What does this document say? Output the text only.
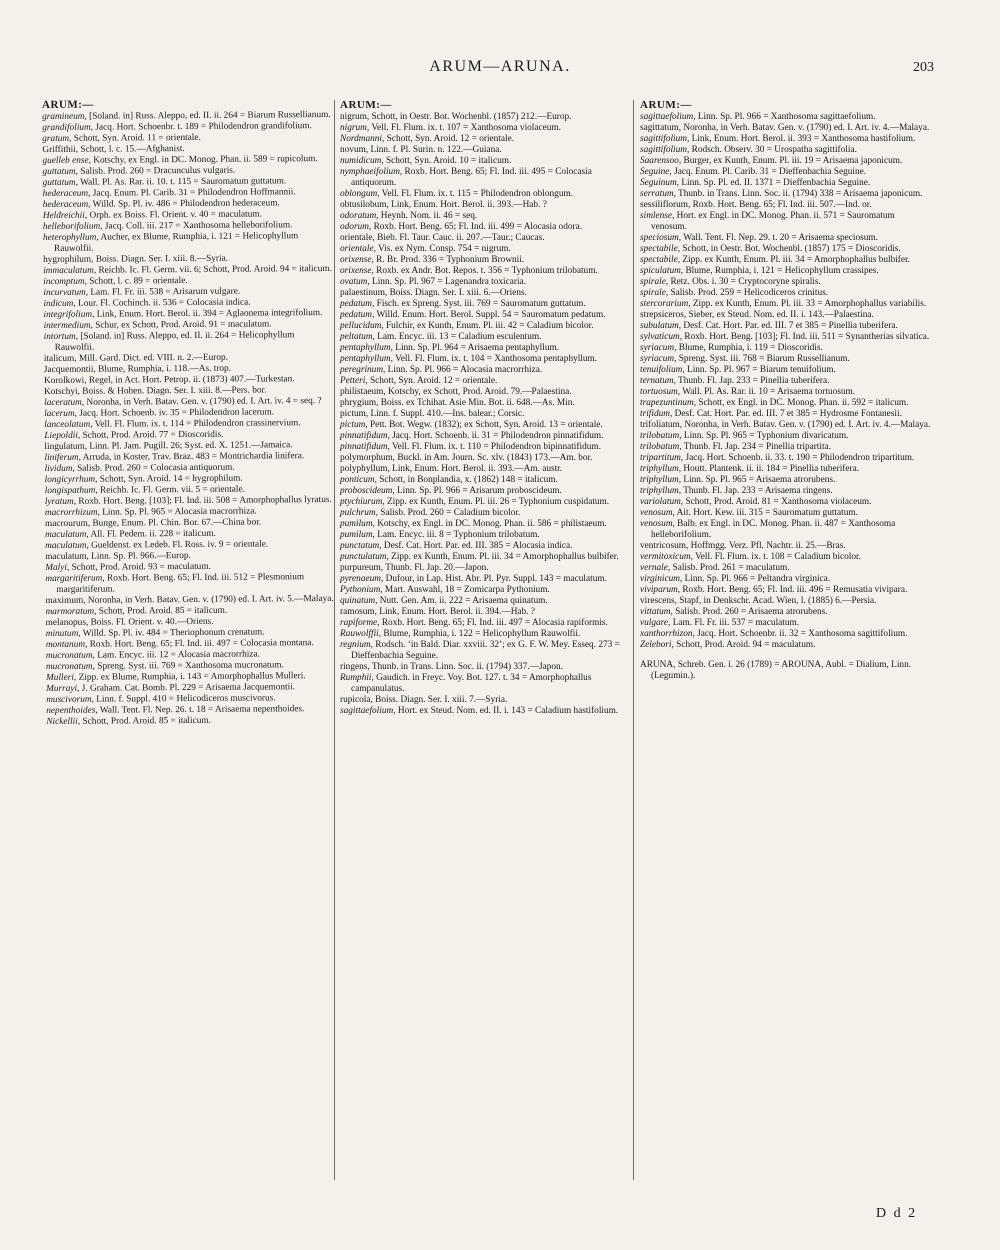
ARUM—ARUNA.	203
ARUM:—
gramineum, [Soland. in] Russ. Aleppo, ed. II. ii. 264 = Biarum Russellianum.
grandifolium, Jacq. Hort. Schoenbr. t. 189 = Philodendron grandifolium.
gratum, Schott, Syn. Aroid. 11 = orientale.
Griffithii, Schott, l. c. 15.—Afghanist.
guelleb ense, Kotschy, ex Engl. in DC. Monog. Phan. ii. 589 = rupicolum.
guttatum, Salisb. Prod. 260 = Dracunculus vulgaris.
guttatum, Wall. Pl. As. Rar. ii. 10. t. 115 = Sauromatum guttatum.
hederaceum, Jacq. Enum. Pl. Carib. 31 = Philodendron Hoffmannii.
hederaceum, Willd. Sp. Pl. iv. 486 = Philodendron hederaceum.
Heldreichii, Orph. ex Boiss. Fl. Orient. v. 40 = maculatum.
helleborifolium, Jacq. Coll. iii. 217 = Xanthosoma helleborifolium.
heterophyllum, Aucher, ex Blume, Rumphia, i. 121 = Helicophyllum Rauwolfii.
hygrophilum, Boiss. Diagn. Ser. I. xiii. 8.—Syria.
immaculatum, Reichb. Ic. Fl. Germ. vii. 6; Schott, Prod. Aroid. 94 = italicum.
incomptum, Schott, l. c. 89 = orientale.
incurvatum, Lam. Fl. Fr. iii. 538 = Arisarum vulgare.
indicum, Lour. Fl. Cochinch. ii. 536 = Colocasia indica.
integrifolium, Link, Enum. Hort. Berol. ii. 394 = Aglaonema integrifolium.
intermedium, Schur, ex Schott, Prod. Aroid. 91 = maculatum.
intortum, [Soland. in] Russ. Aleppo, ed. II. ii. 264 = Helicophyllum Rauwolfii.
italicum, Mill. Gard. Dict. ed. VIII. n. 2.—Europ.
Jacquemontii, Blume, Rumphia, i. 118.—As. trop.
Korolkowi, Regel, in Act. Hort. Petrop. ii. (1873) 407.—Turkestan.
Kotschyi, Boiss. & Hohen. Diagn. Ser. I. xiii. 8.—Pers. bor.
laceratum, Noronha, in Verh. Batav. Gen. v. (1790) ed. I. Art. iv. 4 = seq. ?
lacerum, Jacq. Hort. Schoenb. iv. 35 = Philodendron lacerum.
lanceolatum, Vell. Fl. Flum. ix. t. 114 = Philodendron crassinervium.
Liepoldii, Schott, Prod. Aroid. 77 = Dioscoridis.
lingulatum, Linn. Pl. Jam. Pugill. 26; Syst. ed. X. 1251.—Jamaica.
liniferum, Arruda, in Koster, Trav. Braz. 483 = Montrichardia linifera.
lividum, Salisb. Prod. 260 = Colocasia antiquorum.
longicyrrhum, Schott, Syn. Aroid. 14 = hygrophilum.
longispathum, Reichb. Ic. Fl. Germ. vii. 5 = orientale.
lyratum, Roxb. Hort. Beng. [103]; Fl. Ind. iii. 508 = Amorphophallus lyratus.
macrorrhizum, Linn. Sp. Pl. 965 = Alocasia macrorrhiza.
macrourum, Bunge, Enum. Pl. Chin. Bor. 67.—China bor.
maculatum, All. Fl. Pedem. ii. 228 = italicum.
maculatum, Gueldenst. ex Ledeb. Fl. Ross. iv. 9 = orientale.
maculatum, Linn. Sp. Pl. 966.—Europ.
Malyi, Schott, Prod. Aroid. 93 = maculatum.
margaritiferum, Roxb. Hort. Beng. 65; Fl. Ind. iii. 512 = Plesmonium margaritiferum.
maximum, Noronha, in Verh. Batav. Gen. v. (1790) ed. I. Art. iv. 5.—Malaya.
marmoratum, Schott, Prod. Aroid. 85 = italicum.
melanopus, Boiss. Fl. Orient. v. 40.—Oriens.
minutum, Willd. Sp. Pl. iv. 484 = Theriophonum crenatum.
montanum, Roxb. Hort. Beng. 65; Fl. Ind. iii. 497 = Colocasia montana.
mucronatum, Lam. Encyc. iii. 12 = Alocasia macrorrhiza.
mucronatum, Spreng. Syst. iii. 769 = Xanthosoma mucronatum.
Mulleri, Zipp. ex Blume, Rumphia, i. 143 = Amorphophallus Mulleri.
Murrayi, J. Graham. Cat. Bomb. Pl. 229 = Arisaema Jacquemontii.
muscivorum, Linn. f. Suppl. 410 = Helicodiceros muscivorus.
nepenthoides, Wall. Tent. Fl. Nep. 26. t. 18 = Arisaema nepenthoides.
Nickellii, Schott, Prod. Aroid. 85 = italicum.
ARUM:—
nigrum, Schott, in Oestr. Bot. Wochenbl. (1857) 212.—Europ.
nigrum, Vell. Fl. Flum. ix. t. 107 = Xanthosoma violaceum.
Nordmanni, Schott, Syn. Aroid. 12 = orientale.
novum, Linn. f. Pl. Surin. n. 122.—Guiana.
numidicum, Schott, Syn. Aroid. 10 = italicum.
nymphaeifolium, Roxb. Hort. Beng. 65; Fl. Ind. iii. 495 = Colocasia antiquorum.
oblongum, Vell. Fl. Flum. ix. t. 115 = Philodendron oblongum.
obtusilobum, Link, Enum. Hort. Berol. ii. 393.—Hab. ?
odoratum, Heynh. Nom. ii. 46 = seq.
odorum, Roxb. Hort. Beng. 65; Fl. Ind. iii. 499 = Alocasia odora.
orientale, Bieb. Fl. Taur. Cauc. ii. 207.—Taur.; Caucas.
orientale, Vis. ex Nym. Consp. 754 = nigrum.
orixense, R. Br. Prod. 336 = Typhonium Brownii.
orixense, Roxb. ex Andr. Bot. Repos. t. 356 = Typhonium trilobatum.
ovatum, Linn. Sp. Pl. 967 = Lagenandra toxicaria.
palaestinum, Boiss. Diagn. Ser. I. xiii. 6.—Oriens.
pedatum, Fisch. ex Spreng. Syst. iii. 769 = Sauromatum guttatum.
pedatum, Willd. Enum. Hort. Berol. Suppl. 54 = Sauromatum pedatum.
pellucidum, Fulchir, ex Kunth, Enum. Pl. iii. 42 = Caladium bicolor.
peltatum, Lam. Encyc. iii. 13 = Caladium esculentum.
pentaphyllum, Linn. Sp. Pl. 964 = Arisaema pentaphyllum.
pentaphyllum, Vell. Fl. Flum. ix. t. 104 = Xanthosoma pentaphyllum.
peregrinum, Linn. Sp. Pl. 966 = Alocasia macrorrhiza.
Petteri, Schott, Syn. Aroid. 12 = orientale.
philistaeum, Kotschy, ex Schott, Prod. Aroid. 79.—Palaestina.
phrygium, Boiss. ex Tchihat. Asie Min. Bot. ii. 648.—As. Min.
pictum, Linn. f. Suppl. 410.—Ins. balear.; Corsic.
pictum, Pett. Bot. Wegw. (1832); ex Schott, Syn. Aroid. 13 = orientale.
pinnatifidum, Jacq. Hort. Schoenb. ii. 31 = Philodendron pinnatifidum.
pinnatifidum, Vell. Fl. Flum. ix. t. 110 = Philodendron bipinnatifidum.
polymorphum, Buckl. in Am. Journ. Sc. xlv. (1843) 173.—Am. bor.
polyphyllum, Link, Enum. Hort. Berol. ii. 393.—Am. austr.
ponticum, Schott, in Bonplandia, x. (1862) 148 = italicum.
proboscideum, Linn. Sp. Pl. 966 = Arisarum proboscideum.
ptychiurum, Zipp. ex Kunth, Enum. Pl. iii. 26 = Typhonium cuspidatum.
pulchrum, Salisb. Prod. 260 = Caladium bicolor.
pumilum, Kotschy, ex Engl. in DC. Monog. Phan. ii. 586 = philistaeum.
pumilum, Lam. Encyc. iii. 8 = Typhonium trilobatum.
punctatum, Desf. Cat. Hort. Par. ed. III. 385 = Alocasia indica.
punctulatum, Zipp. ex Kunth, Enum. Pl. iii. 34 = Amorphophallus bulbifer.
purpureum, Thunb. Fl. Jap. 20.—Japon.
pyrenaeum, Dufour, in Lap. Hist. Abr. Pl. Pyr. Suppl. 143 = maculatum.
Pythonium, Mart. Auswahl, 18 = Zomicarpa Pythonium.
quinatum, Nutt. Gen. Am. ii. 222 = Arisaema quinatum.
ramosum, Link, Enum. Hort. Berol. ii. 394.—Hab. ?
rapiforme, Roxb. Hort. Beng. 65; Fl. Ind. iii. 497 = Alocasia rapiformis.
Rauwolffii, Blume, Rumphia, i. 122 = Helicophyllum Rauwolfii.
regnium, Rodsch. ‘in Bald. Diar. xxviii. 32’; ex G. F. W. Mey. Esseq. 273 = Dieffenbachia Seguine.
ringens, Thunb. in Trans. Linn. Soc. ii. (1794) 337.—Japon.
Rumphii, Gaudich. in Freyc. Voy. Bot. 127. t. 34 = Amorphophallus campanulatus.
rupicola, Boiss. Diagn. Ser. I. xiii. 7.—Syria.
sagittaefolium, Hort. ex Steud. Nom. ed. II. i. 143 = Caladium hastifolium.
ARUM:—
sagittaefolium, Linn. Sp. Pl. 966 = Xanthosoma sagittaefolium.
sagittatum, Noronha, in Verh. Batav. Gen. v. (1790) ed. I. Art. iv. 4.—Malaya.
sagittifolium, Link, Enum. Hort. Berol. ii. 393 = Xanthosoma hastifolium.
sagittifolium, Rodsch. Observ. 30 = Urospatha sagittifolia.
Saarensoo, Burger, ex Kunth, Enum. Pl. iii. 19 = Arisaema japonicum.
Seguine, Jacq. Enum. Pl. Carib. 31 = Dieffenbachia Seguine.
Seguinum, Linn. Sp. Pl. ed. II. 1371 = Dieffenbachia Seguine.
serratum, Thunb. in Trans. Linn. Soc. ii. (1794) 338 = Arisaema japonicum.
sessiliflorum, Roxb. Hort. Beng. 65; Fl. Ind. iii. 507.—Ind. or.
simlense, Hort. ex Engl. in DC. Monog. Phan. ii. 571 = Sauromatum venosum.
speciosum, Wall. Tent. Fl. Nep. 29. t. 20 = Arisaema speciosum.
spectabile, Schott, in Oestr. Bot. Wochenbl. (1857) 175 = Dioscoridis.
spectabile, Zipp. ex Kunth, Enum. Pl. iii. 34 = Amorphophallus bulbifer.
spiculatum, Blume, Rumphia, i. 121 = Helicophyllum crassipes.
spirale, Retz. Obs. i. 30 = Cryptocoryne spiralis.
spirale, Salisb. Prod. 259 = Helicodiceros crinitus.
stercorarium, Zipp. ex Kunth, Enum. Pl. iii. 33 = Amorphophallus variabilis.
strepsiceros, Sieber, ex Steud. Nom. ed. II. i. 143.—Palaestina.
subulatum, Desf. Cat. Hort. Par. ed. III. 7 et 385 = Pinellia tuberifera.
sylvaticum, Roxb. Hort. Beng. [103]; Fl. Ind. iii. 511 = Synantherias silvatica.
syriacum, Blume, Rumphia, i. 119 = Dioscoridis.
syriacum, Spreng. Syst. iii. 768 = Biarum Russellianum.
tenuifolium, Linn. Sp. Pl. 967 = Biarum tenuifolium.
ternatum, Thunb. Fl. Jap. 233 = Pinellia tuberifera.
tortuosum, Wall. Pl. As. Rar. ii. 10 = Arisaema tortuosum.
trapezuntinum, Schott, ex Engl. in DC. Monog. Phan. ii. 592 = italicum.
trifidum, Desf. Cat. Hort. Par. ed. III. 7 et 385 = Hydrosme Fontanesii.
trifoliatum, Noronha, in Verh. Batav. Gen. v. (1790) ed. I. Art. iv. 4.—Malaya.
trilobatum, Linn. Sp. Pl. 965 = Typhonium divaricatum.
trilobatum, Thunb. Fl. Jap. 234 = Pinellia tripartita.
tripartitum, Jacq. Hort. Schoenb. ii. 33. t. 190 = Philodendron tripartitum.
triphyllum, Houtt. Plantenk. ii. ii. 184 = Pinellia tuberifera.
triphyllum, Linn. Sp. Pl. 965 = Arisaema atrorubens.
triphyllum, Thunb. Fl. Jap. 233 = Arisaema ringens.
variolatum, Schott, Prod. Aroid. 81 = Xanthosoma violaceum.
venosum, Ait. Hort. Kew. iii. 315 = Sauromatum guttatum.
venosum, Balb. ex Engl. in DC. Monog. Phan. ii. 487 = Xanthosoma helleborifolium.
ventricosum, Hoffmgg. Verz. Pfl. Nachtr. ii. 25.—Bras.
vermitoxicum, Vell. Fl. Flum. ix. t. 108 = Caladium bicolor.
vernale, Salisb. Prod. 261 = maculatum.
virginicum, Linn. Sp. Pl. 966 = Peltandra virginica.
viviparum, Roxb. Hort. Beng. 65; Fl. Ind. iii. 496 = Remusatia vivipara.
virescens, Stapf, in Denkschr. Acad. Wien, l. (1885) 6.—Persia.
vittatum, Salisb. Prod. 260 = Arisaema atrorubens.
vulgare, Lam. Fl. Fr. iii. 537 = maculatum.
xanthorrhizon, Jacq. Hort. Schoenbr. ii. 32 = Xanthosoma sagittifolium.
Zelebori, Schott, Prod. Aroid. 94 = maculatum.
ARUNA, Schreb. Gen. i. 26 (1789) = AROUNA, Aubl. = Dialium, Linn. (Legumin.).
D d 2
